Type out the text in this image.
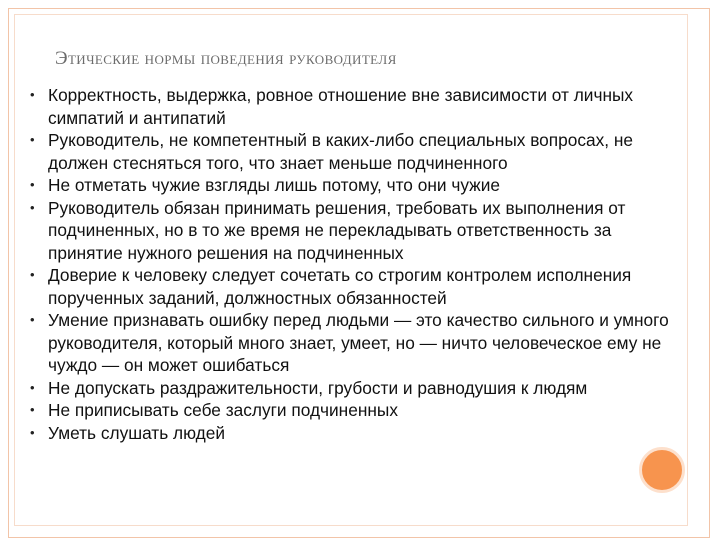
Этические нормы поведения руководителя
• Корректность, выдержка, ровное отношение вне зависимости от личных симпатий и антипатий
• Руководитель, не компетентный в каких-либо специальных вопросах, не должен стесняться того, что знает меньше подчиненного
• Не отметать чужие взгляды лишь потому, что они чужие
• Руководитель обязан принимать решения, требовать их выполнения от подчиненных, но в то же время не перекладывать ответственность за принятие нужного решения на подчиненных
• Доверие к человеку следует сочетать со строгим контролем исполнения порученных заданий, должностных обязанностей
• Умение признавать ошибку перед людьми — это качество сильного и умного руководителя, который много знает, умеет, но — ничто человеческое ему не чуждо — он может ошибаться
• Не допускать раздражительности, грубости и равнодушия к людям
• Не приписывать себе заслуги подчиненных
• Уметь слушать людей
